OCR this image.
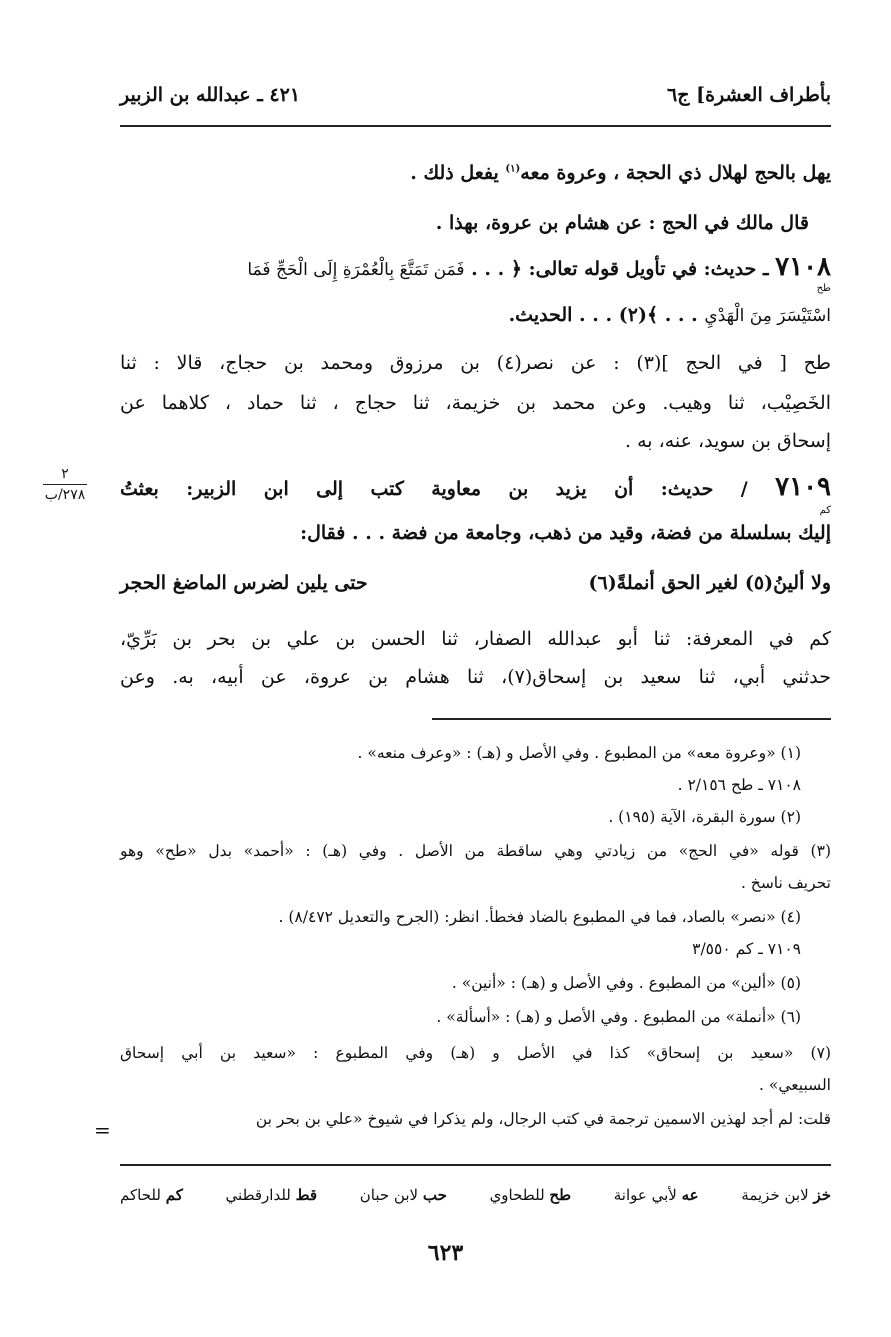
بأطراف العشرة] ج٦
٤٢١ ـ عبدالله بن الزبير
يهل بالحج لهلال ذي الحجة ، وعروة معه$^{(١)}$ يفعل ذلك .
قال مالك في الحج : عن هشام بن عروة، بهذا .
٧١٠٨ ـ حديث: في تأويل قوله تعالى: ﴿ . . . فَمَن تَمَتَّعَ بِالْعُمْرَةِ إِلَى الْحَجِّ فَمَا
طح
اسْتَيْسَرَ مِنَ الْهَدْيِ . . . ﴾(٢) . . . الحديث.
طح [ في الحج ](٣) : عن نصر(٤) بن مرزوق ومحمد بن حجاج، قالا : ثنا
الخَصِيْب، ثنا وهيب. وعن محمد بن خزيمة، ثنا حجاج ، ثنا حماد ، كلاهما عن
إسحاق بن سويد، عنه، به .
٢
٢٧٨/ب	٧١٠٩ / حديث: أن يزيد بن معاوية كتب إلى ابن الزبير: بعثتُ
كم
إليك بسلسلة من فضة، وقيد من ذهب، وجامعة من فضة . . . فقال:
ولا ألينُ(٥) لغير الحق أنملةً(٦)
حتى يلين لضرس الماضغ الحجر
كم في المعرفة: ثنا أبو عبدالله الصفار، ثنا الحسن بن علي بن بحر بن بَرِّيّ،
حدثني أبي، ثنا سعيد بن إسحاق(٧)، ثنا هشام بن عروة، عن أبيه، به. وعن
(١) «وعروة معه» من المطبوع . وفي الأصل و (هـ) : «وعرف منعه» .
٧١٠٨ ـ طح ٢/١٥٦ .
(٢) سورة البقرة، الآية (١٩٥) .
(٣) قوله «في الحج» من زيادتي وهي ساقطة من الأصل . وفي (هـ) : «أحمد» بدل «طح» وهو
تحريف ناسخ .
(٤) «نصر» بالصاد، فما في المطبوع بالضاد فخطأ. انظر: (الجرح والتعديل ٨/٤٧٢) .
٧١٠٩ ـ كم ٣/٥٥٠
(٥) «ألين» من المطبوع . وفي الأصل و (هـ) : «أنين» .
(٦) «أنملة» من المطبوع . وفي الأصل و (هـ) : «أسألة» .
(٧) «سعيد بن إسحاق» كذا في الأصل و (هـ) وفي المطبوع : «سعيد بن أبي إسحاق
السبيعي» .
قلت: لم أجد لهذين الاسمين ترجمة في كتب الرجال، ولم يذكرا في شيوخ «علي بن بحر بن
=
خز لابن خزيمة
عه لأبي عوانة
طح للطحاوي
حب لابن حبان
قط للدارقطني
كم للحاكم
٦٢٣
